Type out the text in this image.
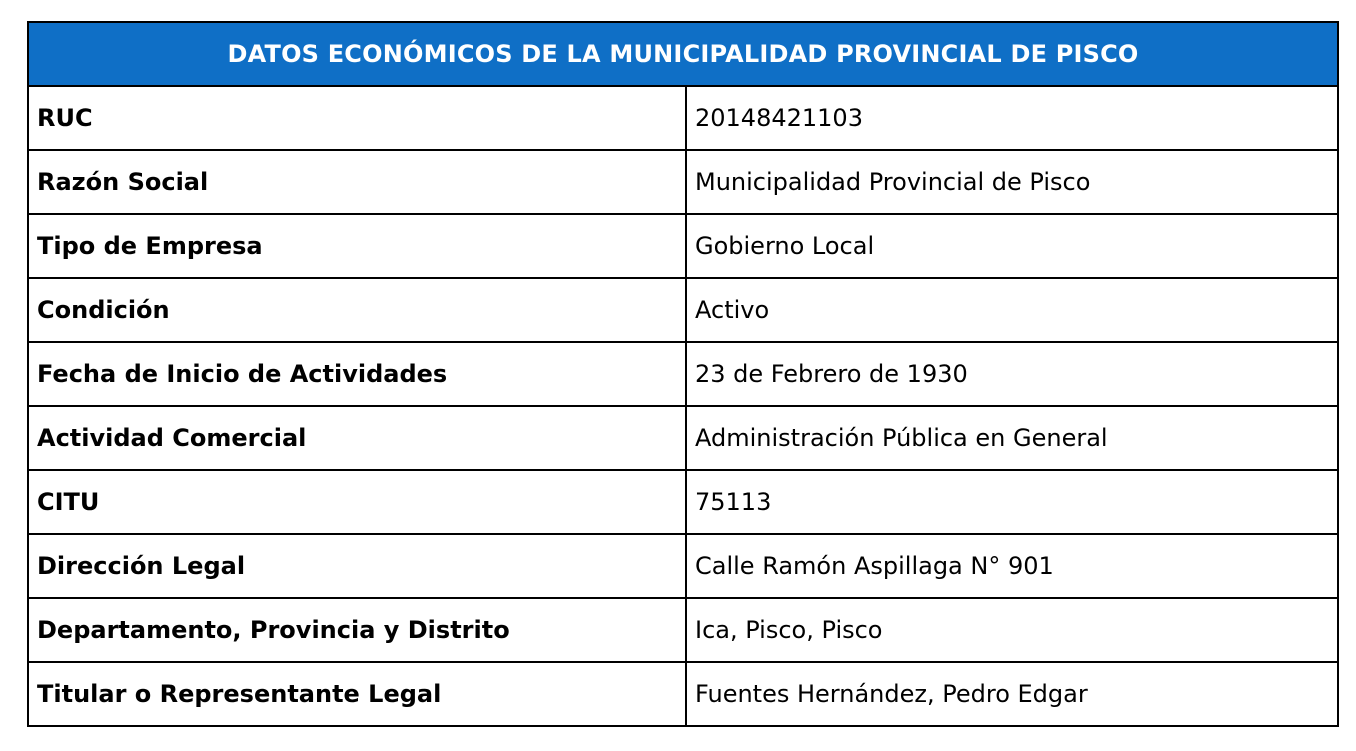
DATOS ECONÓMICOS DE LA MUNICIPALIDAD PROVINCIAL DE PISCO	
RUC	20148421103
Razón Social	Municipalidad Provincial de Pisco
Tipo de Empresa	Gobierno Local
Condición	Activo
Fecha de Inicio de Actividades	23 de Febrero de 1930
Actividad Comercial	Administración Pública en General
CITU	75113
Dirección Legal	Calle Ramón Aspillaga N° 901
Departamento, Provincia y Distrito	Ica, Pisco, Pisco
Titular o Representante Legal	Fuentes Hernández, Pedro Edgar
